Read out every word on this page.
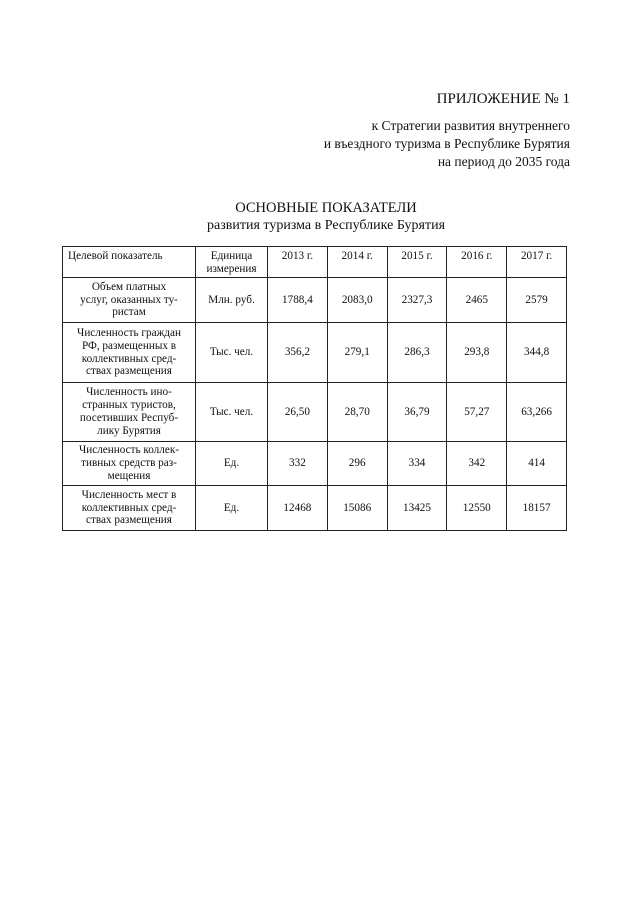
ПРИЛОЖЕНИЕ № 1
к Стратегии развития внутреннего
и въездного туризма в Республике Бурятия
на период до 2035 года
ОСНОВНЫЕ ПОКАЗАТЕЛИ
развития туризма в Республике Бурятия
Целевой показатель	Единица измерения	2013 г.	2014 г.	2015 г.	2016 г.	2017 г.
Объем платных
услуг, оказанных ту-
ристам	Млн. руб.	1788,4	2083,0	2327,3	2465	2579
Численность граждан
РФ, размещенных в
коллективных сред-
ствах размещения	Тыс. чел.	356,2	279,1	286,3	293,8	344,8
Численность ино-
странных туристов,
посетивших Респуб-
лику Бурятия	Тыс. чел.	26,50	28,70	36,79	57,27	63,266
Численность коллек-
тивных средств раз-
мещения	Ед.	332	296	334	342	414
Численность мест в
коллективных сред-
ствах размещения	Ед.	12468	15086	13425	12550	18157
